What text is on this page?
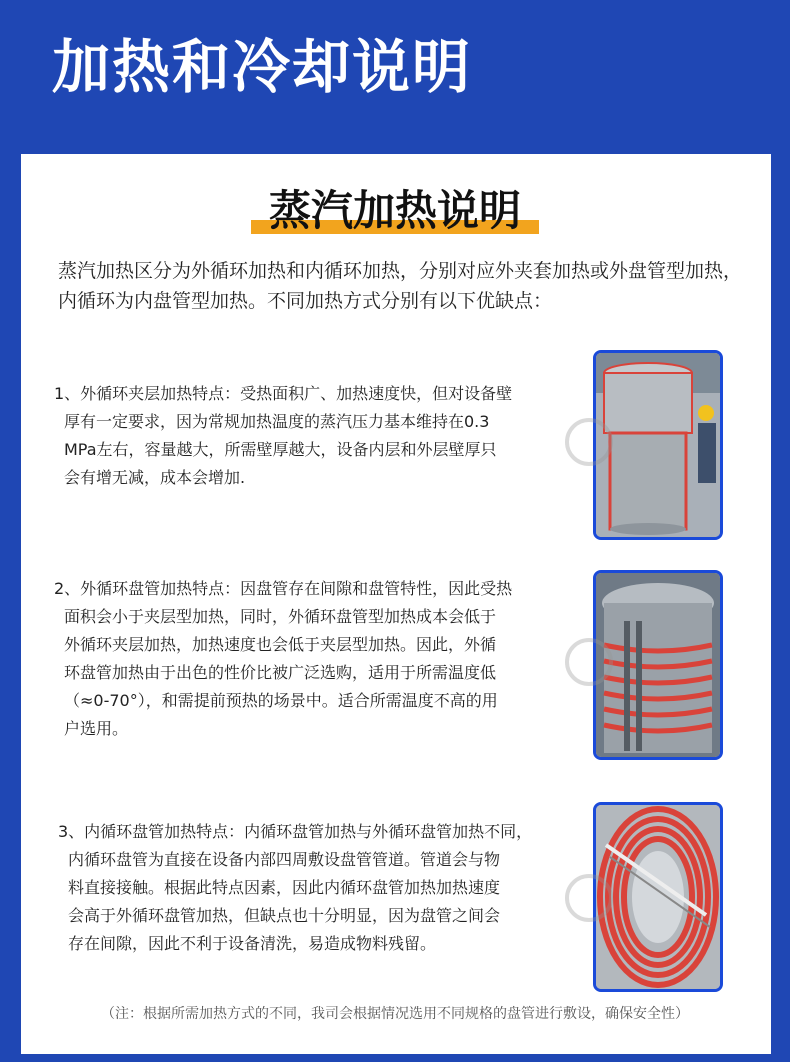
加热和冷却说明
蒸汽加热说明
蒸汽加热区分为外循环加热和内循环加热，分别对应外夹套加热或外盘管型加热，内循环为内盘管型加热。不同加热方式分别有以下优缺点：
1、外循环夹层加热特点：受热面积广、加热速度快，但对设备壁
厚有一定要求，因为常规加热温度的蒸汽压力基本维持在0.3
MPa左右，容量越大，所需壁厚越大，设备内层和外层壁厚只
会有增无减，成本会增加.
2、外循环盘管加热特点：因盘管存在间隙和盘管特性，因此受热
面积会小于夹层型加热，同时，外循环盘管型加热成本会低于
外循环夹层加热，加热速度也会低于夹层型加热。因此，外循
环盘管加热由于出色的性价比被广泛选购，适用于所需温度低
（≈0-70°），和需提前预热的场景中。适合所需温度不高的用
户选用。
3、内循环盘管加热特点：内循环盘管加热与外循环盘管加热不同，
内循环盘管为直接在设备内部四周敷设盘管管道。管道会与物
料直接接触。根据此特点因素，因此内循环盘管加热加热速度
会高于外循环盘管加热，但缺点也十分明显，因为盘管之间会
存在间隙，因此不利于设备清洗，易造成物料残留。
（注：根据所需加热方式的不同，我司会根据情况选用不同规格的盘管进行敷设，确保安全性）
